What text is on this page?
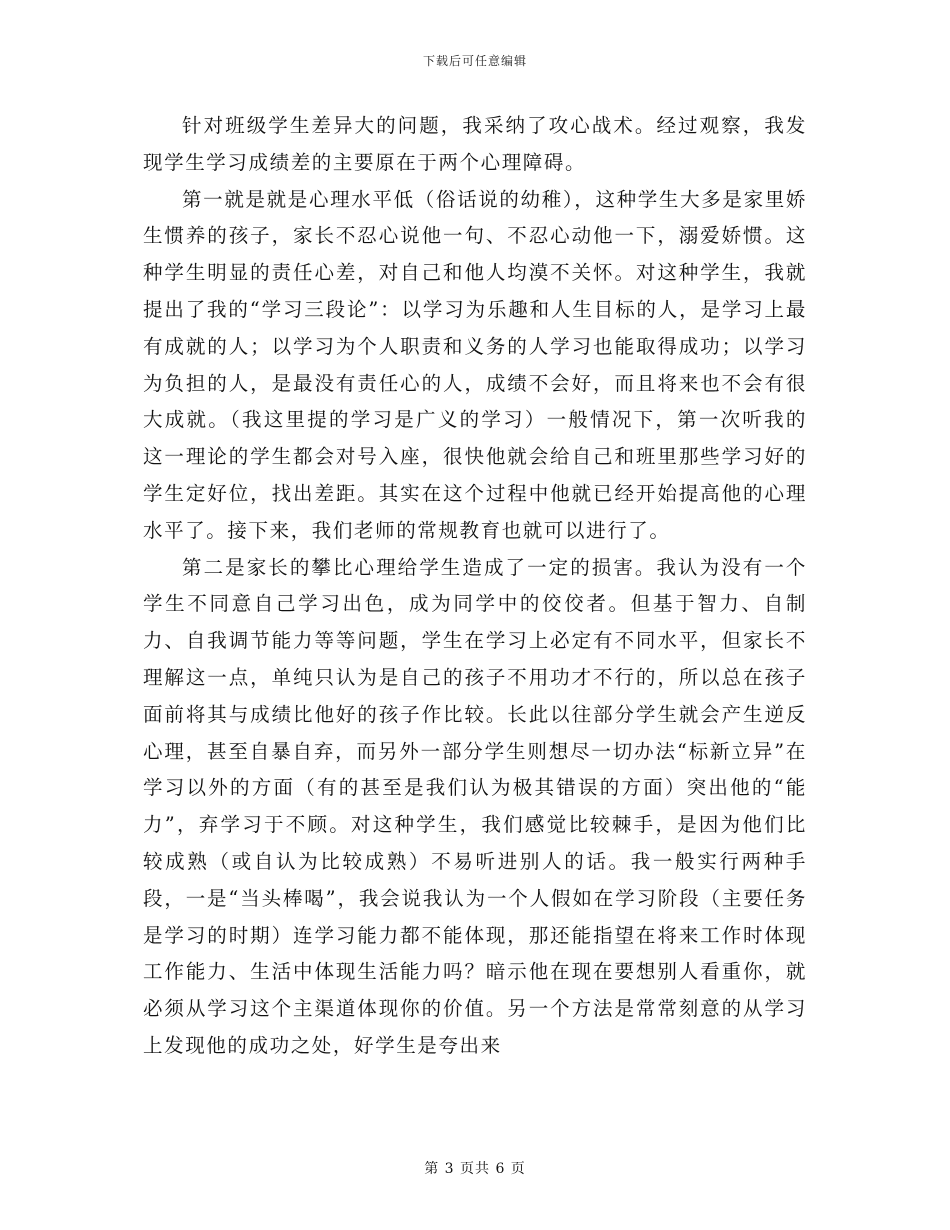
下载后可任意编辑

针对班级学生差异大的问题，我采纳了攻心战术。经过观察，我发现学生学习成绩差的主要原在于两个心理障碍。

第一就是就是心理水平低（俗话说的幼稚），这种学生大多是家里娇生惯养的孩子，家长不忍心说他一句、不忍心动他一下，溺爱娇惯。这种学生明显的责任心差，对自己和他人均漠不关怀。对这种学生，我就提出了我的“学习三段论”：以学习为乐趣和人生目标的人，是学习上最有成就的人；以学习为个人职责和义务的人学习也能取得成功；以学习为负担的人，是最没有责任心的人，成绩不会好，而且将来也不会有很大成就。（我这里提的学习是广义的学习）一般情况下，第一次听我的这一理论的学生都会对号入座，很快他就会给自己和班里那些学习好的学生定好位，找出差距。其实在这个过程中他就已经开始提高他的心理水平了。接下来，我们老师的常规教育也就可以进行了。

第二是家长的攀比心理给学生造成了一定的损害。我认为没有一个学生不同意自己学习出色，成为同学中的佼佼者。但基于智力、自制力、自我调节能力等等问题，学生在学习上必定有不同水平，但家长不理解这一点，单纯只认为是自己的孩子不用功才不行的，所以总在孩子面前将其与成绩比他好的孩子作比较。长此以往部分学生就会产生逆反心理，甚至自暴自弃，而另外一部分学生则想尽一切办法“标新立异”在学习以外的方面（有的甚至是我们认为极其错误的方面）突出他的“能力”，弃学习于不顾。对这种学生，我们感觉比较棘手，是因为他们比较成熟（或自认为比较成熟）不易听进别人的话。我一般实行两种手段，一是“当头棒喝”，我会说我认为一个人假如在学习阶段（主要任务是学习的时期）连学习能力都不能体现，那还能指望在将来工作时体现工作能力、生活中体现生活能力吗？暗示他在现在要想别人看重你，就必须从学习这个主渠道体现你的价值。另一个方法是常常刻意的从学习上发现他的成功之处，好学生是夸出来

第 3 页共 6 页
